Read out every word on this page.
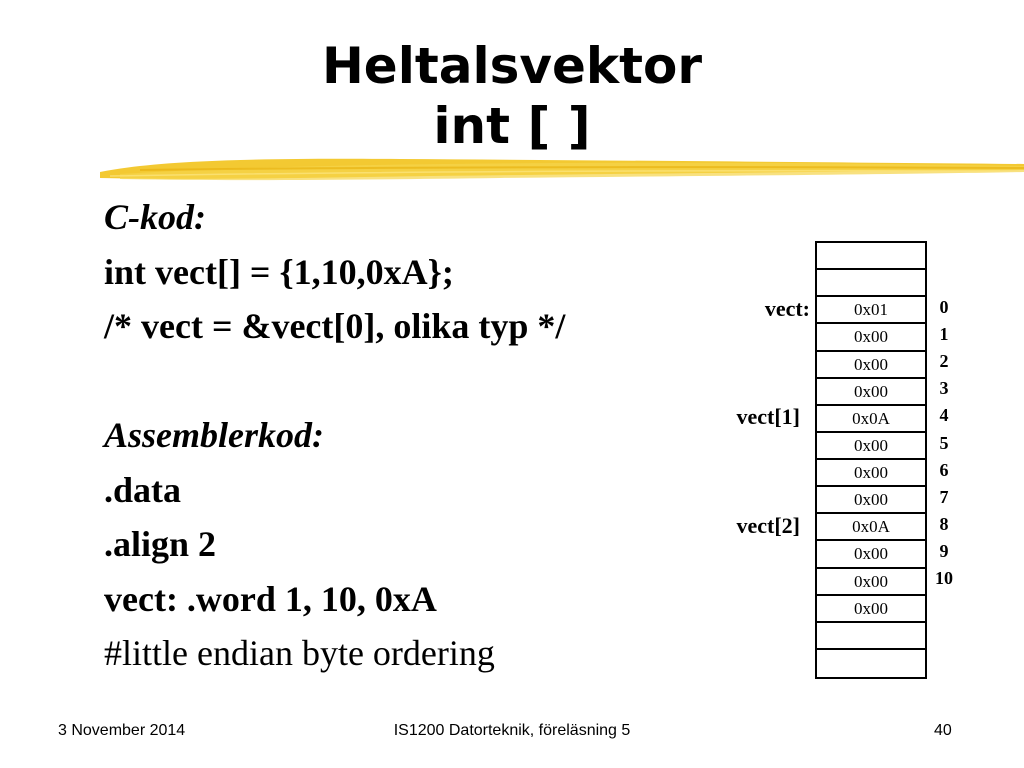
Heltalsvektor
int [ ]
C-kod:
int vect[] = {1,10,0xA};
/* vect = &vect[0], olika typ */
Assemblerkod:
.data
.align 2
vect: .word 1, 10, 0xA
#little endian byte ordering
0x01
0x00
0x00
0x00
0x0A
0x00
0x00
0x00
0x0A
0x00
0x00
0x00
vect:
vect[1]
vect[2]
0
1
2
3
4
5
6
7
8
9
10
3 November 2014	IS1200 Datorteknik, föreläsning 5	40
